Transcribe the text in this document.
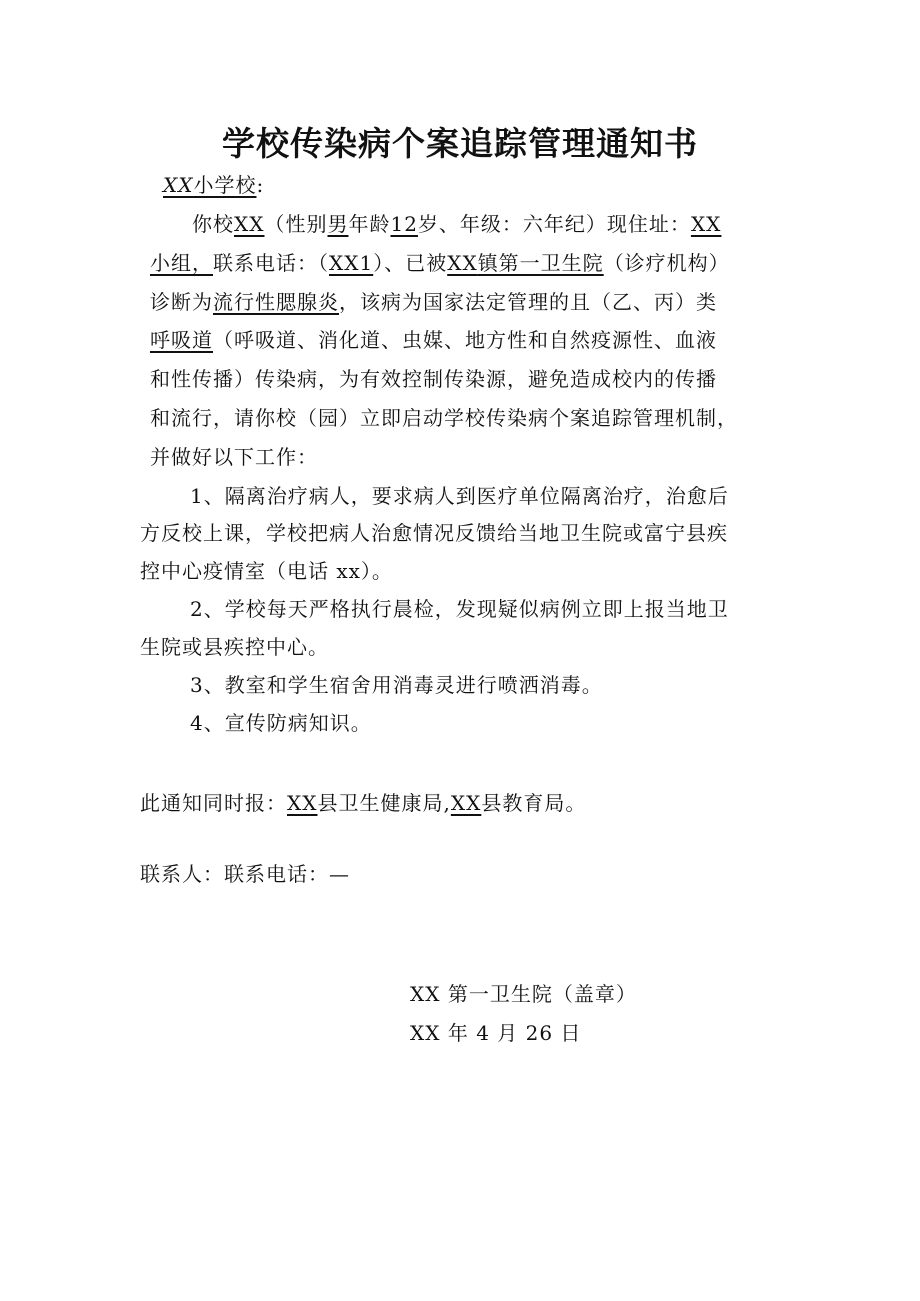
学校传染病个案追踪管理通知书
XX小学校:
你校XX（性别男年龄12岁、年级：六年纪）现住址：XX
小组，联系电话：（XX1）、已被XX镇第一卫生院（诊疗机构）
诊断为流行性腮腺炎，该病为国家法定管理的且（乙、丙）类
呼吸道（呼吸道、消化道、虫媒、地方性和自然疫源性、血液
和性传播）传染病，为有效控制传染源，避免造成校内的传播
和流行，请你校（园）立即启动学校传染病个案追踪管理机制，
并做好以下工作：
1、隔离治疗病人，要求病人到医疗单位隔离治疗，治愈后
方反校上课，学校把病人治愈情况反馈给当地卫生院或富宁县疾
控中心疫情室（电话 xx）。
2、学校每天严格执行晨检，发现疑似病例立即上报当地卫
生院或县疾控中心。
3、教室和学生宿舍用消毒灵进行喷洒消毒。
4、宣传防病知识。
此通知同时报：XX县卫生健康局,XX县教育局。
联系人：联系电话：—
XX 第一卫生院（盖章）
XX 年 4 月 26 日
